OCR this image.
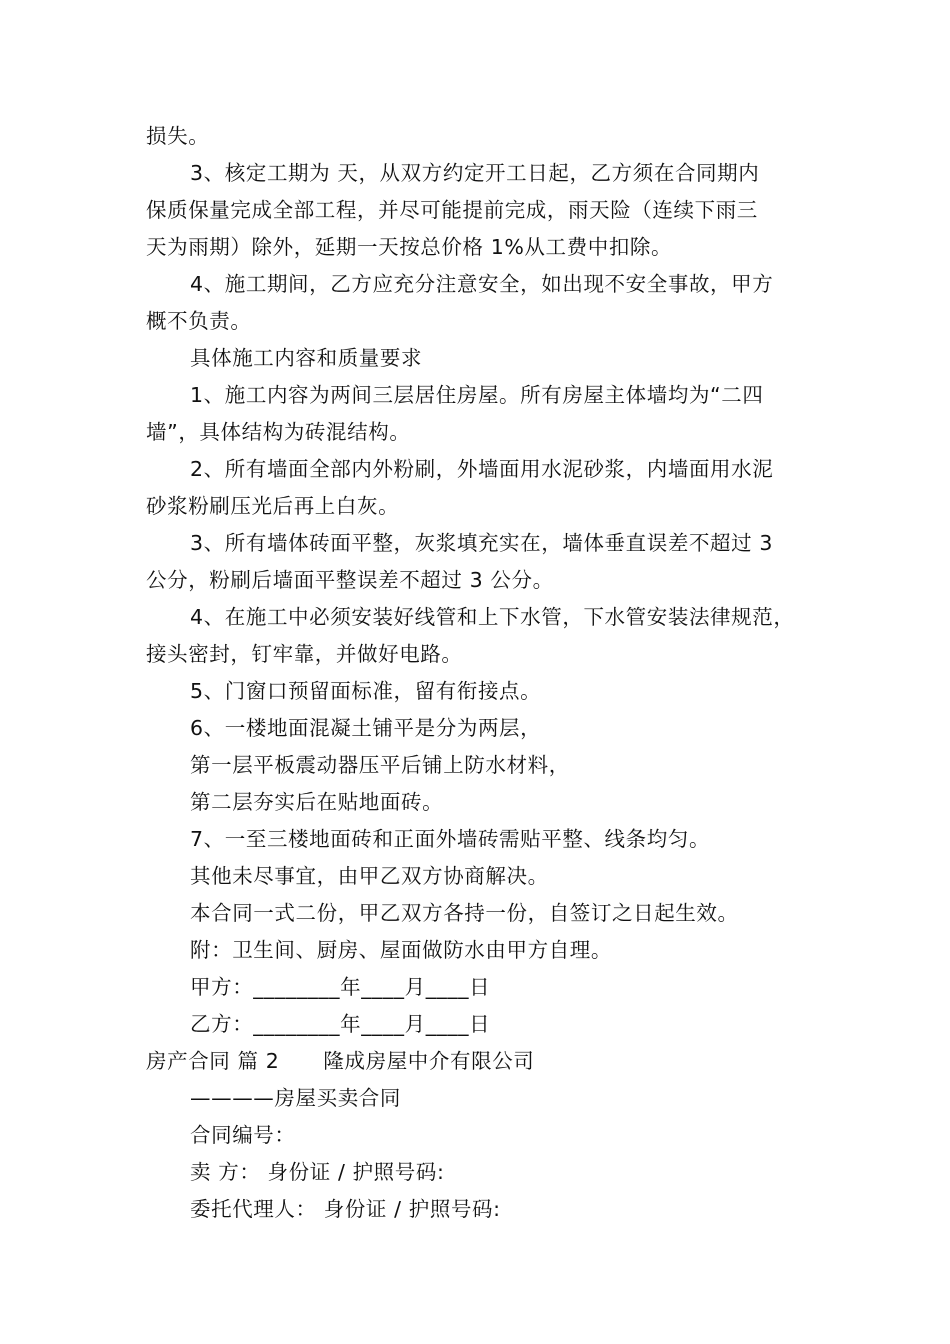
损失。
3、核定工期为 天，从双方约定开工日起，乙方须在合同期内
保质保量完成全部工程，并尽可能提前完成，雨天险（连续下雨三
天为雨期）除外，延期一天按总价格 1%从工费中扣除。
4、施工期间，乙方应充分注意安全，如出现不安全事故，甲方
概不负责。
具体施工内容和质量要求
1、施工内容为两间三层居住房屋。所有房屋主体墙均为“二四
墙”，具体结构为砖混结构。
2、所有墙面全部内外粉刷，外墙面用水泥砂浆，内墙面用水泥
砂浆粉刷压光后再上白灰。
3、所有墙体砖面平整，灰浆填充实在，墙体垂直误差不超过 3
公分，粉刷后墙面平整误差不超过 3 公分。
4、在施工中必须安装好线管和上下水管，下水管安装法律规范，
接头密封，钉牢靠，并做好电路。
5、门窗口预留面标准，留有衔接点。
6、一楼地面混凝土铺平是分为两层，
第一层平板震动器压平后铺上防水材料，
第二层夯实后在贴地面砖。
7、一至三楼地面砖和正面外墙砖需贴平整、线条均匀。
其他未尽事宜，由甲乙双方协商解决。
本合同一式二份，甲乙双方各持一份，自签订之日起生效。
附：卫生间、厨房、屋面做防水由甲方自理。
甲方：________年____月____日
乙方：________年____月____日
房产合同 篇 2 隆成房屋中介有限公司
————房屋买卖合同
合同编号：
卖 方： 身份证 / 护照号码:
委托代理人： 身份证 / 护照号码:
